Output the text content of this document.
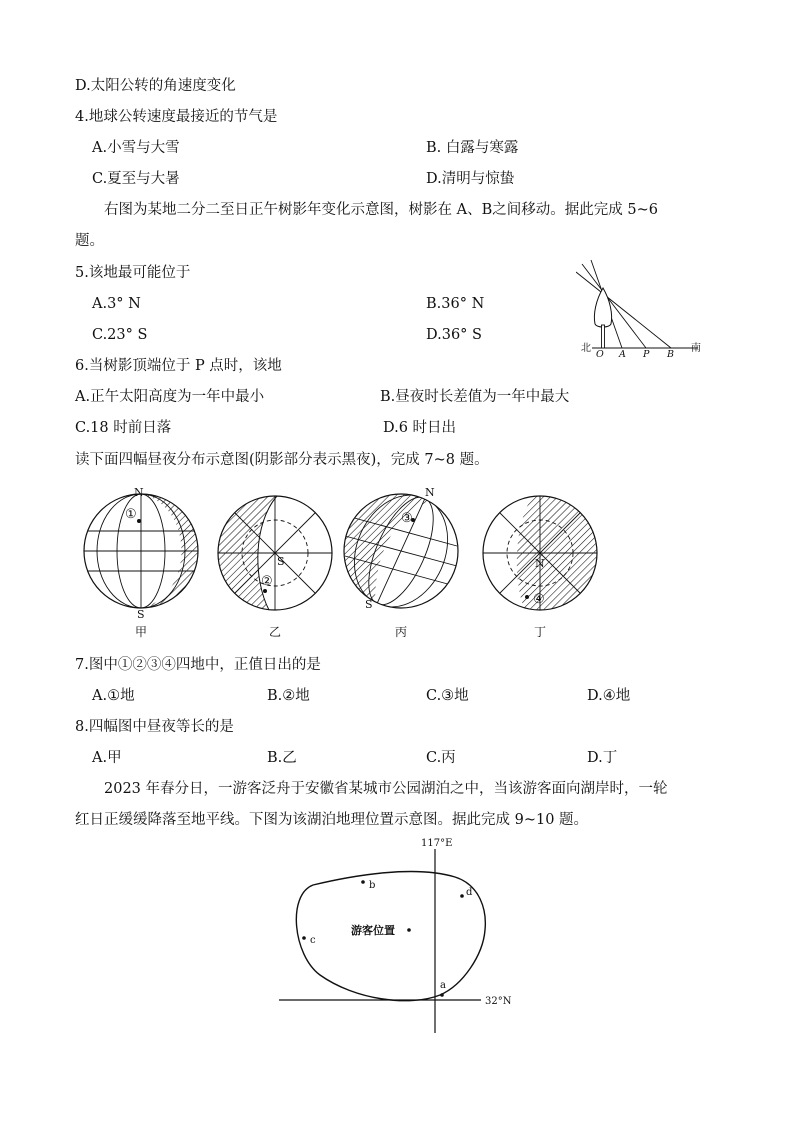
D.太阳公转的角速度变化
4.地球公转速度最接近的节气是
A.小雪与大雪	B. 白露与寒露
C.夏至与大暑	D.清明与惊蛰
右图为某地二分二至日正午树影年变化示意图，树影在 A、B之间移动。据此完成 5~6
题。
5.该地最可能位于
A.3° N	B.36° N
C.23° S	D.36° S
北
O A P B
南
6.当树影顶端位于 P 点时，该地
A.正午太阳高度为一年中最小	B.昼夜时长差值为一年中最大
C.18 时前日落	D.6 时日出
读下面四幅昼夜分布示意图(阴影部分表示黑夜)，完成 7~8 题。
N
S
①
甲
S
②
乙
N
S
③
丙
N
④
丁
7.图中①②③④四地中，正值日出的是
A.①地	B.②地	C.③地	D.④地
8.四幅图中昼夜等长的是
A.甲	B.乙	C.丙	D.丁
2023 年春分日，一游客泛舟于安徽省某城市公园湖泊之中，当该游客面向湖岸时，一轮
红日正缓缓降落至地平线。下图为该湖泊地理位置示意图。据此完成 9~10 题。
117°E
32°N
游客位置
a
b
c
d
